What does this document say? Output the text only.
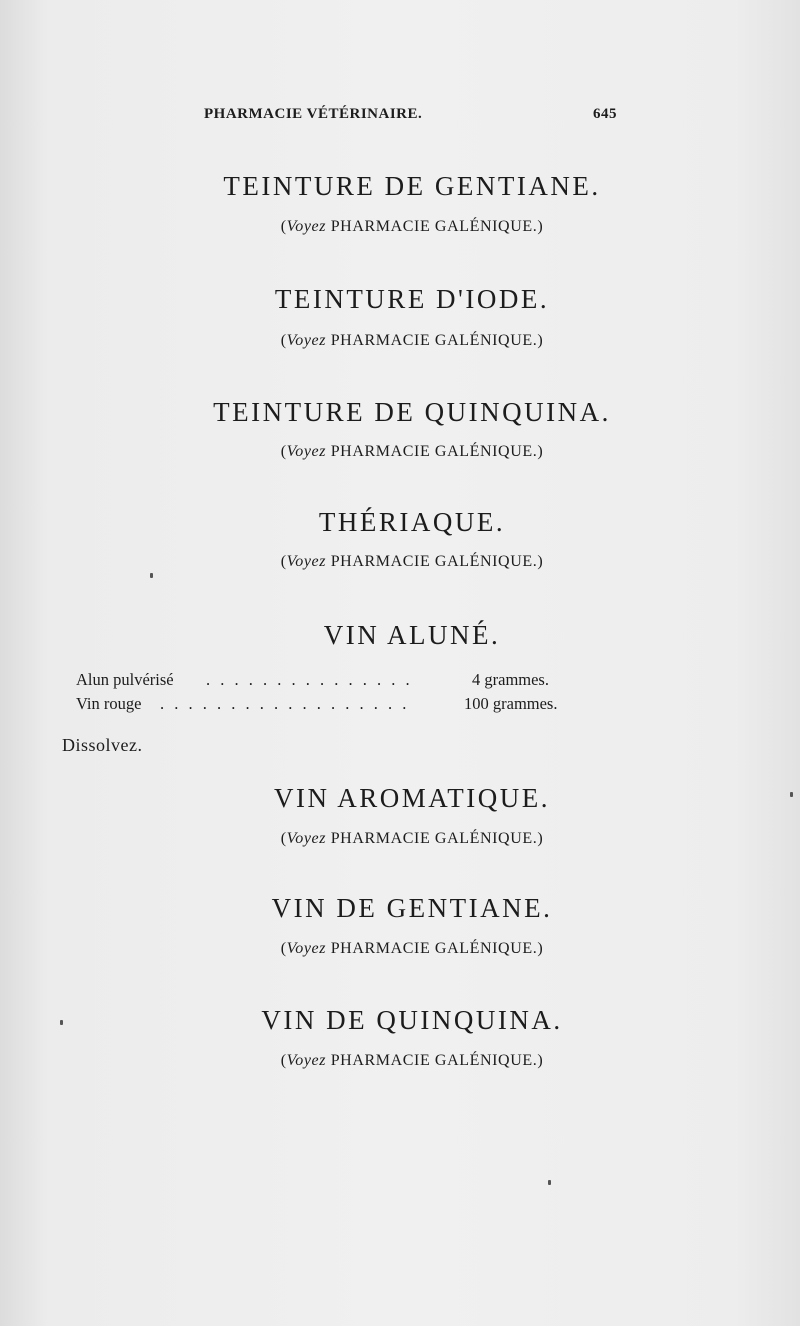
PHARMACIE VÉTÉRINAIRE.	645
TEINTURE DE GENTIANE.
(Voyez PHARMACIE GALÉNIQUE.)
TEINTURE D'IODE.
(Voyez PHARMACIE GALÉNIQUE.)
TEINTURE DE QUINQUINA.
(Voyez PHARMACIE GALÉNIQUE.)
THÉRIAQUE.
(Voyez PHARMACIE GALÉNIQUE.)
VIN ALUNÉ.
Alun pulvérisé . . . . . . . . . . . . . . .	4 grammes.
Vin rouge . . . . . . . . . . . . . . . . . .	100 grammes.
Dissolvez.
VIN AROMATIQUE.
(Voyez PHARMACIE GALÉNIQUE.)
VIN DE GENTIANE.
(Voyez PHARMACIE GALÉNIQUE.)
VIN DE QUINQUINA.
(Voyez PHARMACIE GALÉNIQUE.)
